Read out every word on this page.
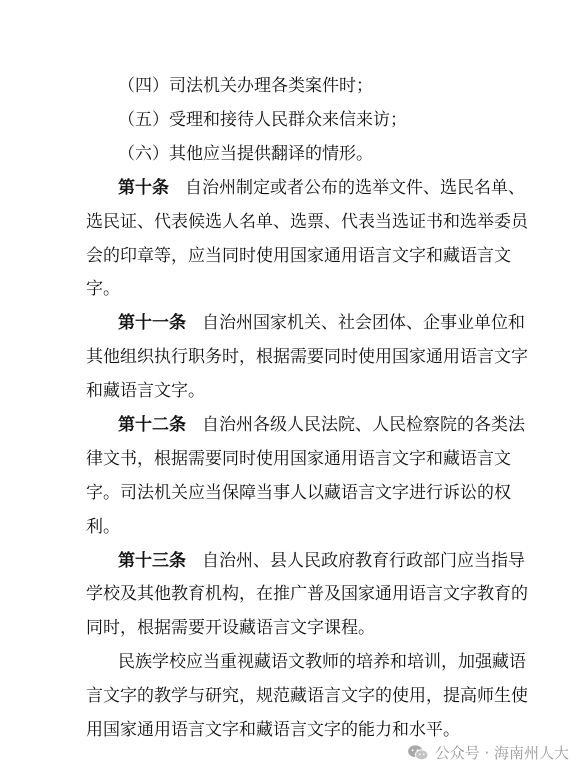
（四）司法机关办理各类案件时；
（五）受理和接待人民群众来信来访；
（六）其他应当提供翻译的情形。
第十条 自治州制定或者公布的选举文件、选民名单、
选民证、代表候选人名单、选票、代表当选证书和选举委员
会的印章等，应当同时使用国家通用语言文字和藏语言文
字。
第十一条 自治州国家机关、社会团体、企事业单位和
其他组织执行职务时，根据需要同时使用国家通用语言文字
和藏语言文字。
第十二条 自治州各级人民法院、人民检察院的各类法
律文书，根据需要同时使用国家通用语言文字和藏语言文
字。司法机关应当保障当事人以藏语言文字进行诉讼的权
利。
第十三条 自治州、县人民政府教育行政部门应当指导
学校及其他教育机构，在推广普及国家通用语言文字教育的
同时，根据需要开设藏语言文字课程。
民族学校应当重视藏语文教师的培养和培训，加强藏语
言文字的教学与研究，规范藏语言文字的使用，提高师生使
用国家通用语言文字和藏语言文字的能力和水平。
公众号 · 海南州人大
